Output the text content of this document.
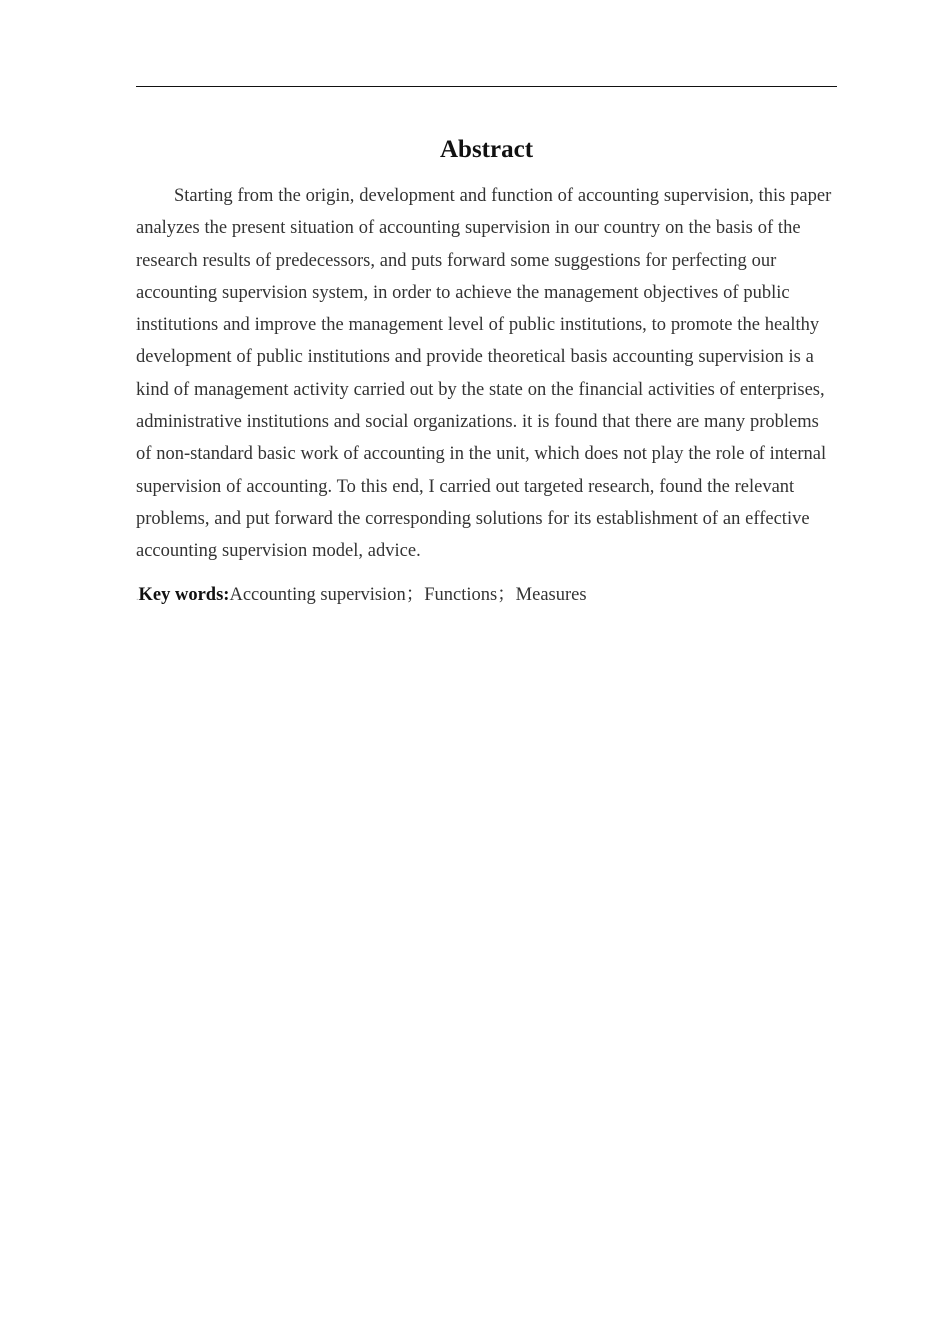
Abstract

Starting from the origin, development and function of accounting supervision, this paper analyzes the present situation of accounting supervision in our country on the basis of the research results of predecessors, and puts forward some suggestions for perfecting our accounting supervision system, in order to achieve the management objectives of public institutions and improve the management level of public institutions, to promote the healthy development of public institutions and provide theoretical basis accounting supervision is a kind of management activity carried out by the state on the financial activities of enterprises, administrative institutions and social organizations. it is found that there are many problems of non-standard basic work of accounting in the unit, which does not play the role of internal supervision of accounting. To this end, I carried out targeted research, found the relevant problems, and put forward the corresponding solutions for its establishment of an effective accounting supervision model, advice.

.Key words:Accounting supervision；Functions；Measures
